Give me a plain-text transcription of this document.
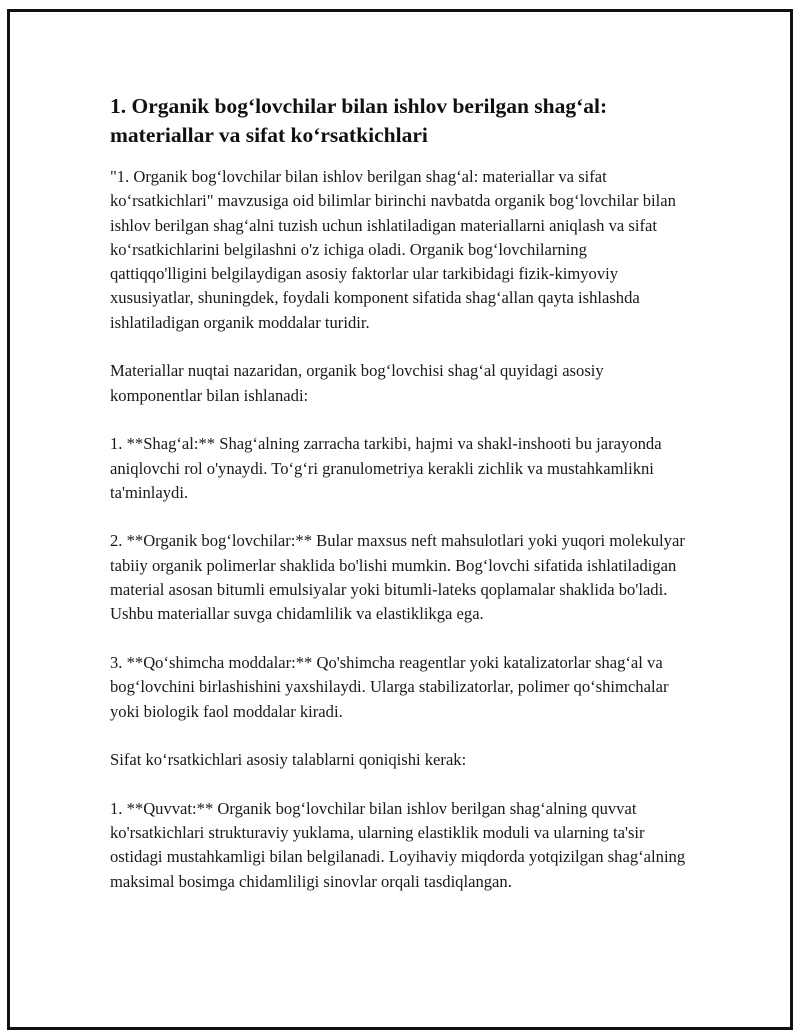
1. Organik bog‘lovchilar bilan ishlov berilgan shag‘al: materiallar va sifat ko‘rsatkichlari

"1. Organik bog‘lovchilar bilan ishlov berilgan shag‘al: materiallar va sifat ko‘rsatkichlari" mavzusiga oid bilimlar birinchi navbatda organik bog‘lovchilar bilan ishlov berilgan shag‘alni tuzish uchun ishlatiladigan materiallarni aniqlash va sifat ko‘rsatkichlarini belgilashni o'z ichiga oladi. Organik bog‘lovchilarning qattiqqo'lligini belgilaydigan asosiy faktorlar ular tarkibidagi fizik-kimyoviy xususiyatlar, shuningdek, foydali komponent sifatida shag‘allan qayta ishlashda ishlatiladigan organik moddalar turidir.

Materiallar nuqtai nazaridan, organik bog‘lovchisi shag‘al quyidagi asosiy komponentlar bilan ishlanadi:

1. **Shag‘al:** Shag‘alning zarracha tarkibi, hajmi va shakl-inshooti bu jarayonda aniqlovchi rol o'ynaydi. To‘g‘ri granulometriya kerakli zichlik va mustahkamlikni ta'minlaydi.

2. **Organik bog‘lovchilar:** Bular maxsus neft mahsulotlari yoki yuqori molekulyar tabiiy organik polimerlar shaklida bo'lishi mumkin. Bog‘lovchi sifatida ishlatiladigan material asosan bitumli emulsiyalar yoki bitumli-lateks qoplamalar shaklida bo'ladi. Ushbu materiallar suvga chidamlilik va elastiklikga ega.

3. **Qo‘shimcha moddalar:** Qo'shimcha reagentlar yoki katalizatorlar shag‘al va bog‘lovchini birlashishini yaxshilaydi. Ularga stabilizatorlar, polimer qo‘shimchalar yoki biologik faol moddalar kiradi.

Sifat ko‘rsatkichlari asosiy talablarni qoniqishi kerak:

1. **Quvvat:** Organik bog‘lovchilar bilan ishlov berilgan shag‘alning quvvat ko'rsatkichlari strukturaviy yuklama, ularning elastiklik moduli va ularning ta'sir ostidagi mustahkamligi bilan belgilanadi. Loyihaviy miqdorda yotqizilgan shag‘alning maksimal bosimga chidamliligi sinovlar orqali tasdiqlangan.
